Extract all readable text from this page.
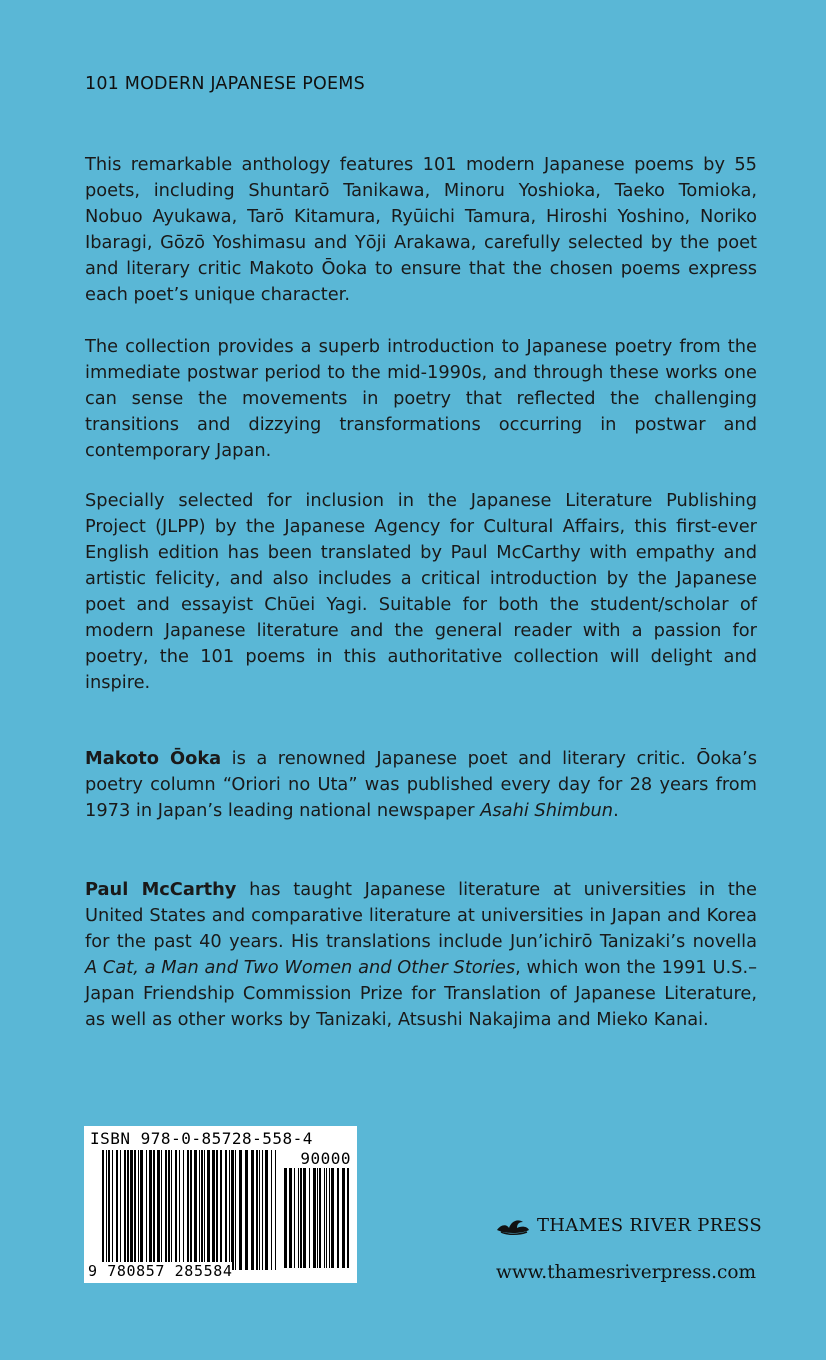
101 MODERN JAPANESE POEMS

This remarkable anthology features 101 modern Japanese poems by 55 poets, including Shuntarō Tanikawa, Minoru Yoshioka, Taeko Tomioka, Nobuo Ayukawa, Tarō Kitamura, Ryūichi Tamura, Hiroshi Yoshino, Noriko Ibaragi, Gōzō Yoshimasu and Yōji Arakawa, carefully selected by the poet and literary critic Makoto Ōoka to ensure that the chosen poems express each poet’s unique character.

The collection provides a superb introduction to Japanese poetry from the immediate postwar period to the mid-1990s, and through these works one can sense the movements in poetry that reflected the challenging transitions and dizzying transformations occurring in postwar and contemporary Japan.

Specially selected for inclusion in the Japanese Literature Publishing Project (JLPP) by the Japanese Agency for Cultural Affairs, this first-ever English edition has been translated by Paul McCarthy with empathy and artistic felicity, and also includes a critical introduction by the Japanese poet and essayist Chūei Yagi. Suitable for both the student/scholar of modern Japanese literature and the general reader with a passion for poetry, the 101 poems in this authoritative collection will delight and inspire.

Makoto Ōoka is a renowned Japanese poet and literary critic. Ōoka’s poetry column “Oriori no Uta” was published every day for 28 years from 1973 in Japan’s leading national newspaper Asahi Shimbun.

Paul McCarthy has taught Japanese literature at universities in the United States and comparative literature at universities in Japan and Korea for the past 40 years. His translations include Jun’ichirō Tanizaki’s novella A Cat, a Man and Two Women and Other Stories, which won the 1991 U.S.–Japan Friendship Commission Prize for Translation of Japanese Literature, as well as other works by Tanizaki, Atsushi Nakajima and Mieko Kanai.

ISBN 978-0-85728-558-4
90000
9 780857 285584
THAMES RIVER PRESS
www.thamesriverpress.com
